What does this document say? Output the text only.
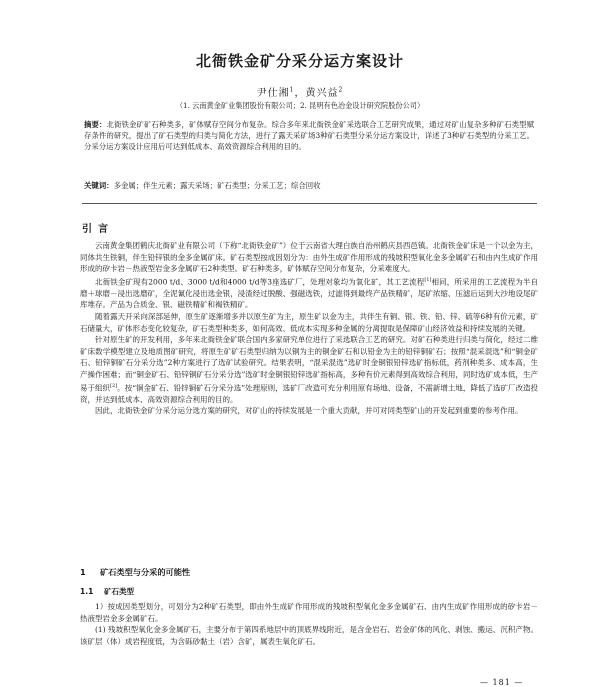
北衙铁金矿分采分运方案设计
尹仕湘$^1$，黄兴益$^2$
（1. 云南黄金矿业集团股份有限公司；2. 昆明有色冶金设计研究院股份公司）
摘要：北衙铁金矿矿石种类多，矿体赋存空间分布复杂。综合多年来北衙铁金矿采选联合工艺研究成果，通过对矿山复杂多种矿石类型赋存条件的研究，提出了矿石类型的归类与简化方法，进行了露天采矿场3种矿石类型分采分运方案设计，详述了3种矿石类型的分采工艺。分采分运方案设计应用后可达到低成本、高效资源综合利用的目的。
关键词：多金属；伴生元素；露天采场；矿石类型；分采工艺；综合回收
引言

云南黄金集团鹤庆北衙矿业有限公司（下称“北衙铁金矿”）位于云南省大理白族自治州鹤庆县西邑镇。北衙铁金矿床是一个以金为主，同体共生铁铜，伴生铅锌银的金多金属矿床。矿石类型按成因划分为：由外生成矿作用形成的残坡积型氧化金多金属矿石和由内生成矿作用形成的矽卡岩－热液型岩金多金属矿石2种类型。矿石种类多，矿体赋存空间分布复杂，分采难度大。

北衙铁金矿现有2000 t/d、3000 t/d和4000 t/d等3座选矿厂，处理对象均为氧化矿，其工艺流程[1]相同，所采用的工艺流程为半自磨＋球磨－浸出选磨矿，全泥氰化浸出选金银，浸渣经过脱酸、强磁选铁，过滤得到最终产品铁精矿，尾矿浓缩、压滤后运到大沙地设尾矿库堆存。产品为合质金、银、磁铁精矿和褐铁精矿。

随着露天开采向深部延伸，原生矿逐渐增多并以原生矿为主，原生矿以金为主，共伴生有铜、银、铁、铅、锌、硫等6种有价元素，矿石储量大，矿体形态变化较复杂，矿石类型种类多，如何高效、低成本实现多种金属的分离提取是保障矿山经济效益和持续发展的关键。

针对原生矿的开发利用，多年来北衙铁金矿联合国内多家研究单位进行了采选联合工艺的研究。对矿石种类进行归类与简化，经过二维矿床数学模型建立及地质图矿研究，将原生矿矿石类型归纳为以铜为主的铜金矿石和以铅金为主的铅锌铜矿石；按照“混采混选”和“铜金矿石、铅锌铜矿石分采分选”2种方案进行了选矿试验研究。结果表明，“混采混选”选矿时金铜银铅锌选矿指标低，药剂种类多、成本高，生产操作困难；而“铜金矿石、铅锌铜矿石分采分选”选矿时金铜银铅锌选矿指标高，多种有价元素得到高效综合利用，同时选矿成本低，生产易于组织[2]。按“铜金矿石、铅锌铜矿石分采分选”处理原则，选矿厂改造可充分利用原有场地、设备，不需新增土地，降低了选矿厂改造投资，并达到低成本、高效资源综合利用的目的。

因此，北衙铁金矿分采分运分选方案的研究，对矿山的持续发展是一个重大贡献，并可对同类型矿山的开发起到重要的参考作用。

1 矿石类型与分采的可能性
1.1 矿石类型

1）按成因类型划分，可划分为2种矿石类型，即由外生成矿作用形成的残坡积型氧化金多金属矿石、由内生成矿作用形成的矽卡岩－热液型岩金多金属矿石。

(1) 残坡积型氧化金多金属矿石，主要分布于第四系地层中的顶底界线附近，是含金岩石、岩金矿体的风化、剥蚀、搬运、沉积产物。该矿层（体）成岩程度低，为含砾砂黏土（岩）含矿，属表生氧化矿石。

— 181 —
